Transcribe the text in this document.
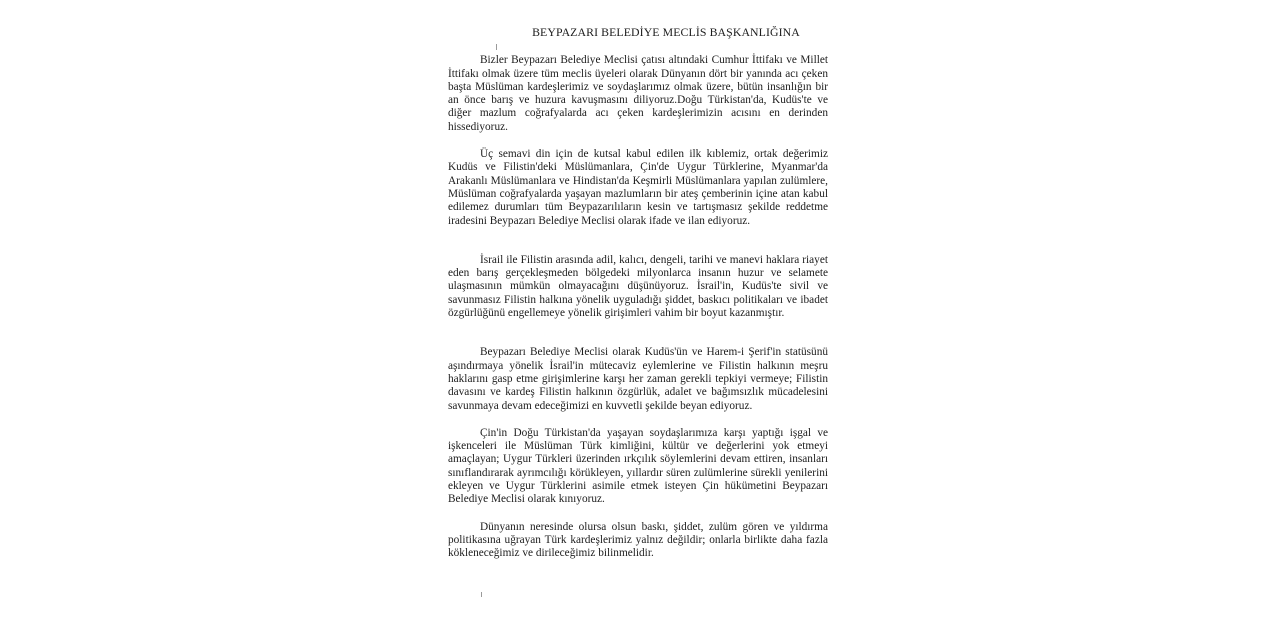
BEYPAZARI BELEDİYE MECLİS BAŞKANLIĞINA

Bizler Beypazarı Belediye Meclisi çatısı altındaki Cumhur İttifakı ve Millet İttifakı olmak üzere tüm meclis üyeleri olarak Dünyanın dört bir yanında acı çeken başta Müslüman kardeşlerimiz ve soydaşlarımız olmak üzere, bütün insanlığın bir an önce barış ve huzura kavuşmasını diliyoruz.Doğu Türkistan'da, Kudüs'te ve diğer mazlum coğrafyalarda acı çeken kardeşlerimizin acısını en derinden hissediyoruz.

Üç semavi din için de kutsal kabul edilen ilk kıblemiz, ortak değerimiz Kudüs ve Filistin'deki Müslümanlara, Çin'de Uygur Türklerine, Myanmar'da Arakanlı Müslümanlara ve Hindistan'da Keşmirli Müslümanlara yapılan zulümlere, Müslüman coğrafyalarda yaşayan mazlumların bir ateş çemberinin içine atan kabul edilemez durumları tüm Beypazarılıların kesin ve tartışmasız şekilde reddetme iradesini Beypazarı Belediye Meclisi olarak ifade ve ilan ediyoruz.

İsrail ile Filistin arasında adil, kalıcı, dengeli, tarihi ve manevi haklara riayet eden barış gerçekleşmeden bölgedeki milyonlarca insanın huzur ve selamete ulaşmasının mümkün olmayacağını düşünüyoruz. İsrail'in, Kudüs'te sivil ve savunmasız Filistin halkına yönelik uyguladığı şiddet, baskıcı politikaları ve ibadet özgürlüğünü engellemeye yönelik girişimleri vahim bir boyut kazanmıştır.

Beypazarı Belediye Meclisi olarak Kudüs'ün ve Harem-i Şerif'in statüsünü aşındırmaya yönelik İsrail'in mütecaviz eylemlerine ve Filistin halkının meşru haklarını gasp etme girişimlerine karşı her zaman gerekli tepkiyi vermeye; Filistin davasını ve kardeş Filistin halkının özgürlük, adalet ve bağımsızlık mücadelesini savunmaya devam edeceğimizi en kuvvetli şekilde beyan ediyoruz.

Çin'in Doğu Türkistan'da yaşayan soydaşlarımıza karşı yaptığı işgal ve işkenceleri ile Müslüman Türk kimliğini, kültür ve değerlerini yok etmeyi amaçlayan; Uygur Türkleri üzerinden ırkçılık söylemlerini devam ettiren, insanları sınıflandırarak ayrımcılığı körükleyen, yıllardır süren zulümlerine sürekli yenilerini ekleyen ve Uygur Türklerini asimile etmek isteyen Çin hükümetini Beypazarı Belediye Meclisi olarak kınıyoruz.

Dünyanın neresinde olursa olsun baskı, şiddet, zulüm gören ve yıldırma politikasına uğrayan Türk kardeşlerimiz yalnız değildir; onlarla birlikte daha fazla kökleneceğimiz ve dirileceğimiz bilinmelidir.
